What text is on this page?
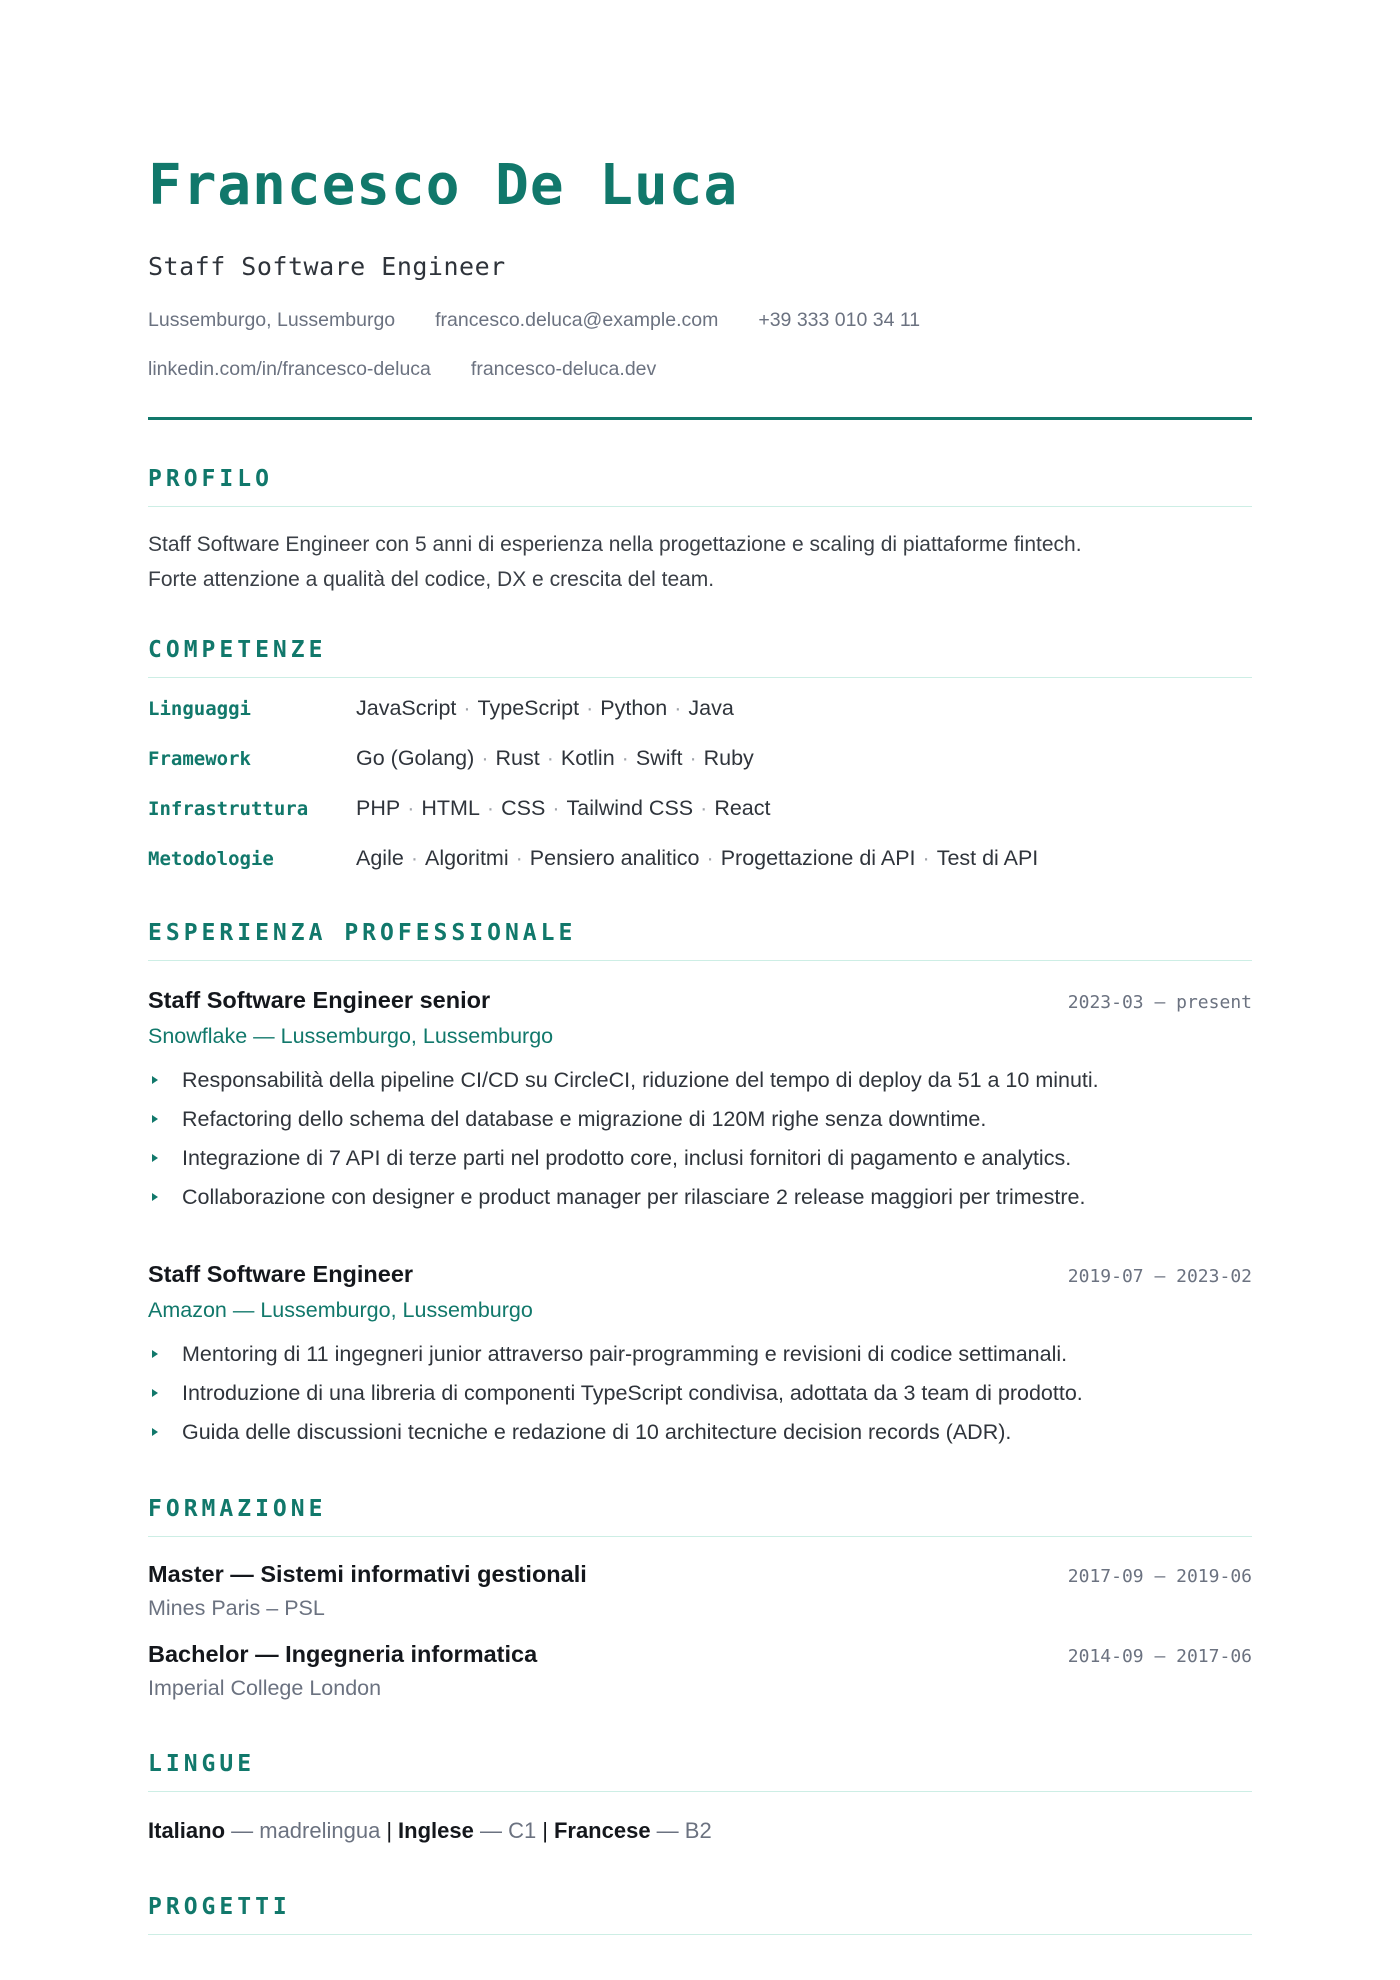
Francesco De Luca
Staff Software Engineer
Lussemburgo, Lussemburgo francesco.deluca@example.com +39 333 010 34 11
linkedin.com/in/francesco-deluca francesco-deluca.dev
PROFILO
Staff Software Engineer con 5 anni di esperienza nella progettazione e scaling di piattaforme fintech.
Forte attenzione a qualità del codice, DX e crescita del team.
COMPETENZE
Linguaggi	JavaScript · TypeScript · Python · Java
Framework	Go (Golang) · Rust · Kotlin · Swift · Ruby
Infrastruttura	PHP · HTML · CSS · Tailwind CSS · React
Metodologie	Agile · Algoritmi · Pensiero analitico · Progettazione di API · Test di API
ESPERIENZA PROFESSIONALE
Staff Software Engineer senior	2023-03 — present
Snowflake — Lussemburgo, Lussemburgo
Responsabilità della pipeline CI/CD su CircleCI, riduzione del tempo di deploy da 51 a 10 minuti.
Refactoring dello schema del database e migrazione di 120M righe senza downtime.
Integrazione di 7 API di terze parti nel prodotto core, inclusi fornitori di pagamento e analytics.
Collaborazione con designer e product manager per rilasciare 2 release maggiori per trimestre.
Staff Software Engineer	2019-07 — 2023-02
Amazon — Lussemburgo, Lussemburgo
Mentoring di 11 ingegneri junior attraverso pair-programming e revisioni di codice settimanali.
Introduzione di una libreria di componenti TypeScript condivisa, adottata da 3 team di prodotto.
Guida delle discussioni tecniche e redazione di 10 architecture decision records (ADR).
FORMAZIONE
Master — Sistemi informativi gestionali	2017-09 — 2019-06
Mines Paris – PSL
Bachelor — Ingegneria informatica	2014-09 — 2017-06
Imperial College London
LINGUE
Italiano — madrelingua | Inglese — C1 | Francese — B2
PROGETTI
